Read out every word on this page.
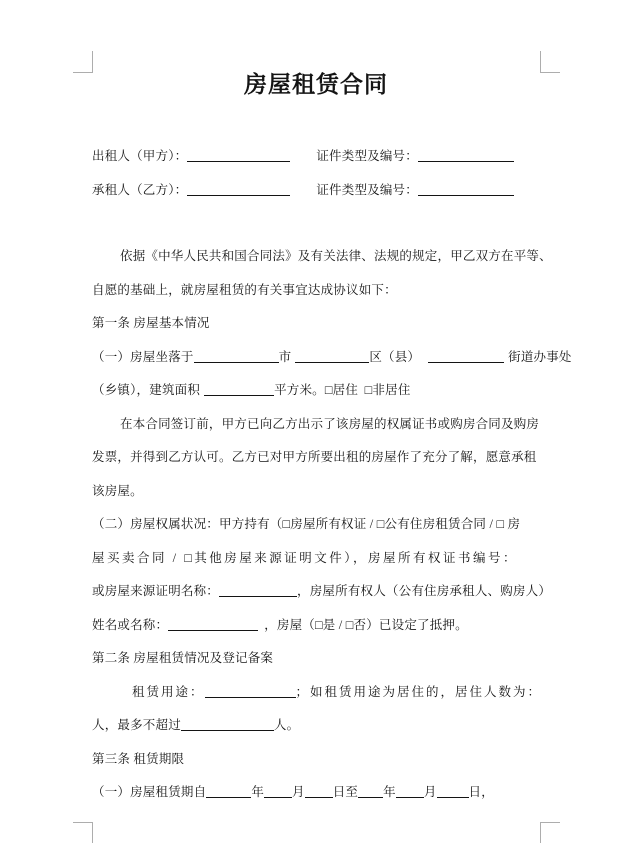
房屋租赁合同
出租人（甲方）：	证件类型及编号：
承租人（乙方）：	证件类型及编号：
依据《中华人民共和国合同法》及有关法律、法规的规定，甲乙双方在平等、
自愿的基础上，就房屋租赁的有关事宜达成协议如下：
第一条 房屋基本情况
（一）房屋坐落于	市	区（县）	街道办事处
（乡镇），建筑面积	平方米。□居住  □非居住
在本合同签订前，甲方已向乙方出示了该房屋的权属证书或购房合同及购房
发票，并得到乙方认可。乙方已对甲方所要出租的房屋作了充分了解，愿意承租
该房屋。
（二）房屋权属状况：甲方持有（□房屋所有权证 / □公有住房租赁合同 / □ 房
屋买卖合同 / □其他房屋来源证明文件），房屋所有权证书编号：
或房屋来源证明名称：	，房屋所有权人（公有住房承租人、购房人）
姓名或名称：	，房屋（□是 / □否）已设定了抵押。
第二条 房屋租赁情况及登记备案
租赁用途：	；如租赁用途为居住的，居住人数为：
人，最多不超过	人。
第三条 租赁期限
（一）房屋租赁期自	年 月 日至 年 月	日，
